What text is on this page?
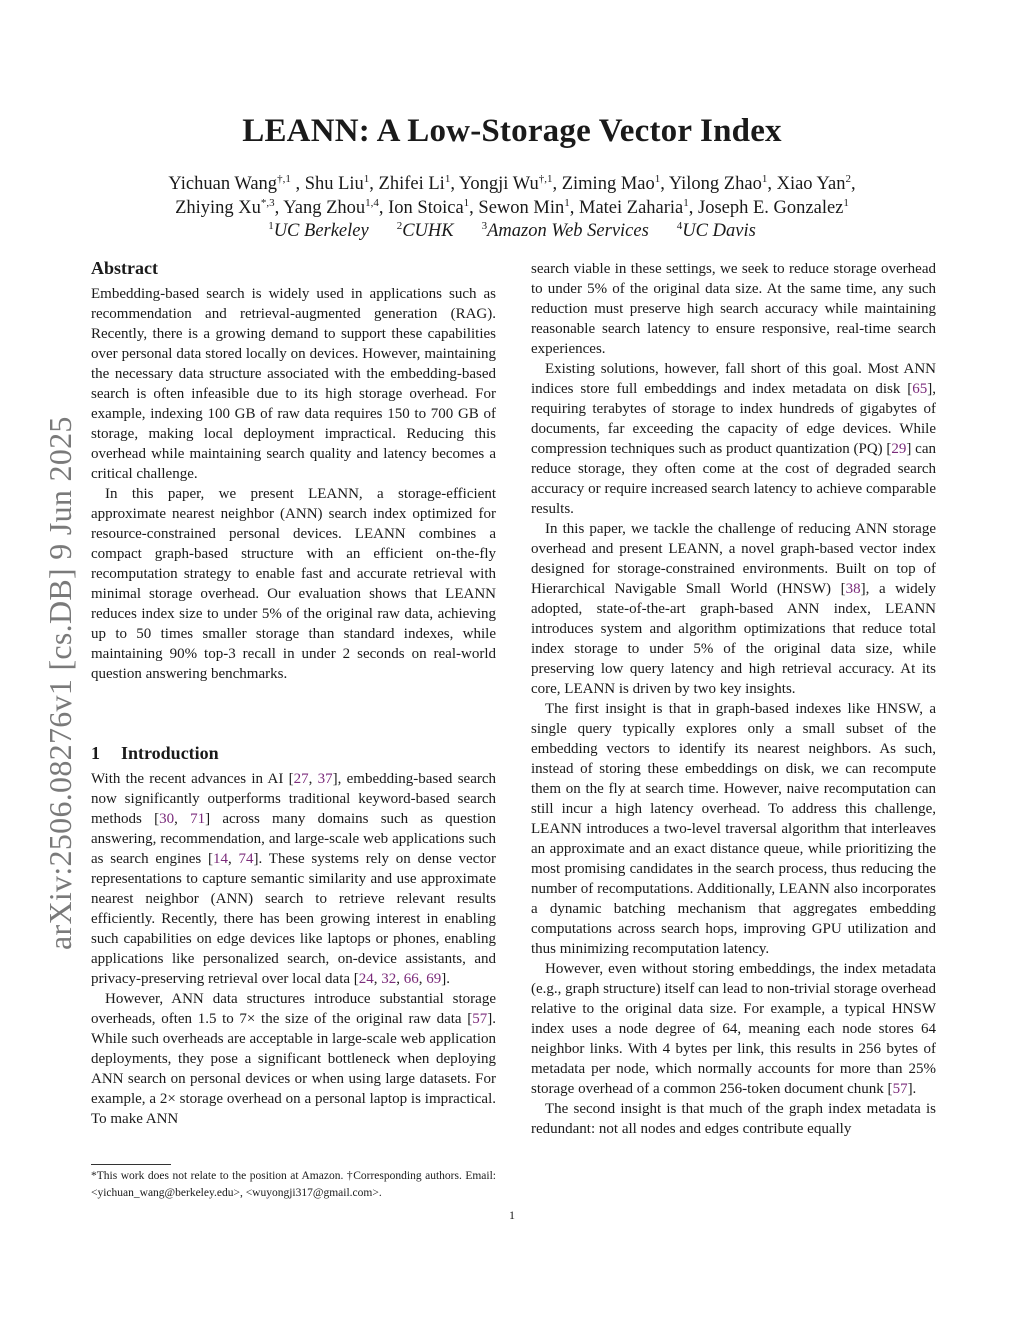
arXiv:2506.08276v1 [cs.DB] 9 Jun 2025
LEANN: A Low-Storage Vector Index
Yichuan Wang$^{\dagger,1}$ , Shu Liu$^1$, Zhifei Li$^1$, Yongji $Wu^{\dagger,1}$, Ziming Mao$^1$, Yilong Zhao$^1$, Xiao Yan$^2$,
Zhiying $Xu^{*,3}$, Yang Zhou$^{1,4}$, Ion Stoica$^1$, Sewon Min$^1$, Matei Zaharia$^1$, Joseph E. Gonzalez$^1$
$^1$UC Berkeley	$^2$CUHK	$^3$Amazon Web Services	$^4$UC Davis
Abstract

Embedding-based search is widely used in applications such as recommendation and retrieval-augmented generation (RAG). Recently, there is a growing demand to support these capabilities over personal data stored locally on devices. However, maintaining the necessary data structure associated with the embedding-based search is often infeasible due to its high storage overhead. For example, indexing 100 GB of raw data requires 150 to 700 GB of storage, making local deployment impractical. Reducing this overhead while maintaining search quality and latency becomes a critical challenge.

In this paper, we present LEANN, a storage-efficient approximate nearest neighbor (ANN) search index optimized for resource-constrained personal devices. LEANN combines a compact graph-based structure with an efficient on-the-fly recomputation strategy to enable fast and accurate retrieval with minimal storage overhead. Our evaluation shows that LEANN reduces index size to under 5% of the original raw data, achieving up to 50 times smaller storage than standard indexes, while maintaining 90% top-3 recall in under 2 seconds on real-world question answering benchmarks.

1 Introduction

With the recent advances in AI [27, 37], embedding-based search now significantly outperforms traditional keyword-based search methods [30, 71] across many domains such as question answering, recommendation, and large-scale web applications such as search engines [14, 74]. These systems rely on dense vector representations to capture semantic similarity and use approximate nearest neighbor (ANN) search to retrieve relevant results efficiently. Recently, there has been growing interest in enabling such capabilities on edge devices like laptops or phones, enabling applications like personalized search, on-device assistants, and privacy-preserving retrieval over local data [24, 32, 66, 69].

However, ANN data structures introduce substantial storage overheads, often 1.5 to 7× the size of the original raw data [57]. While such overheads are acceptable in large-scale web application deployments, they pose a significant bottleneck when deploying ANN search on personal devices or when using large datasets. For example, a 2× storage overhead on a personal laptop is impractical. To make ANN

search viable in these settings, we seek to reduce storage overhead to under 5% of the original data size. At the same time, any such reduction must preserve high search accuracy while maintaining reasonable search latency to ensure responsive, real-time search experiences.

Existing solutions, however, fall short of this goal. Most ANN indices store full embeddings and index metadata on disk [65], requiring terabytes of storage to index hundreds of gigabytes of documents, far exceeding the capacity of edge devices. While compression techniques such as product quantization (PQ) [29] can reduce storage, they often come at the cost of degraded search accuracy or require increased search latency to achieve comparable results.

In this paper, we tackle the challenge of reducing ANN storage overhead and present LEANN, a novel graph-based vector index designed for storage-constrained environments. Built on top of Hierarchical Navigable Small World (HNSW) [38], a widely adopted, state-of-the-art graph-based ANN index, LEANN introduces system and algorithm optimizations that reduce total index storage to under 5% of the original data size, while preserving low query latency and high retrieval accuracy. At its core, LEANN is driven by two key insights.

The first insight is that in graph-based indexes like HNSW, a single query typically explores only a small subset of the embedding vectors to identify its nearest neighbors. As such, instead of storing these embeddings on disk, we can recompute them on the fly at search time. However, naive recomputation can still incur a high latency overhead. To address this challenge, LEANN introduces a two-level traversal algorithm that interleaves an approximate and an exact distance queue, while prioritizing the most promising candidates in the search process, thus reducing the number of recomputations. Additionally, LEANN also incorporates a dynamic batching mechanism that aggregates embedding computations across search hops, improving GPU utilization and thus minimizing recomputation latency.

However, even without storing embeddings, the index metadata (e.g., graph structure) itself can lead to non-trivial storage overhead relative to the original data size. For example, a typical HNSW index uses a node degree of 64, meaning each node stores 64 neighbor links. With 4 bytes per link, this results in 256 bytes of metadata per node, which normally accounts for more than 25% storage overhead of a common 256-token document chunk [57].

The second insight is that much of the graph index metadata is redundant: not all nodes and edges contribute equally

*This work does not relate to the position at Amazon. †Corresponding authors. Email: <yichuan_wang@berkeley.edu>, <wuyongji317@gmail.com>.
1
